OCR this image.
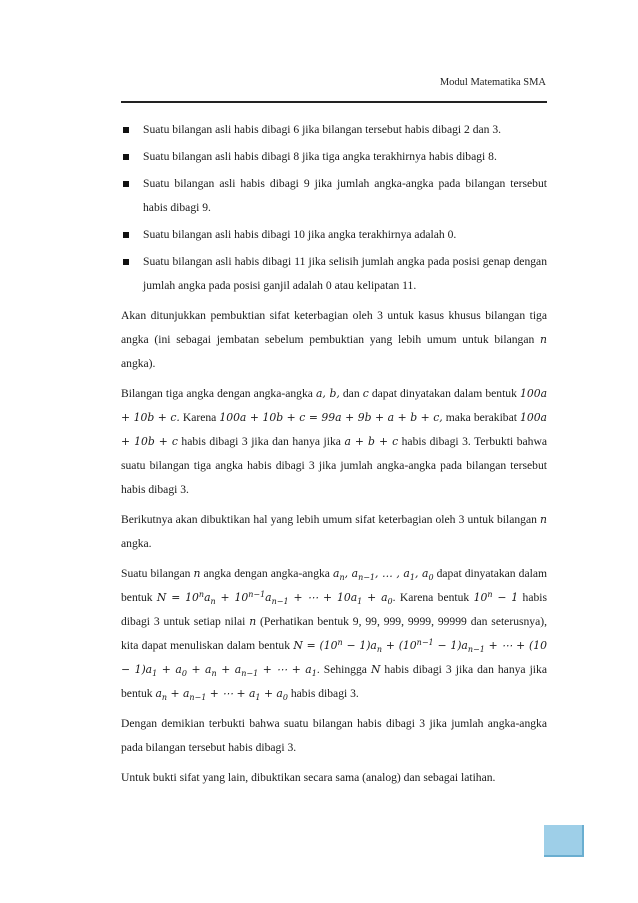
Modul Matematika SMA
Suatu bilangan asli habis dibagi 6 jika bilangan tersebut habis dibagi 2 dan 3.
Suatu bilangan asli habis dibagi 8 jika tiga angka terakhirnya habis dibagi 8.
Suatu bilangan asli habis dibagi 9 jika jumlah angka-angka pada bilangan tersebut habis dibagi 9.
Suatu bilangan asli habis dibagi 10 jika angka terakhirnya adalah 0.
Suatu bilangan asli habis dibagi 11 jika selisih jumlah angka pada posisi genap dengan jumlah angka pada posisi ganjil adalah 0 atau kelipatan 11.

Akan ditunjukkan pembuktian sifat keterbagian oleh 3 untuk kasus khusus bilangan tiga angka (ini sebagai jembatan sebelum pembuktian yang lebih umum untuk bilangan n angka).

Bilangan tiga angka dengan angka-angka a, b, dan c dapat dinyatakan dalam bentuk 100a + 10b + c. Karena 100a + 10b + c = 99a + 9b + a + b + c, maka berakibat 100a + 10b + c habis dibagi 3 jika dan hanya jika a + b + c habis dibagi 3. Terbukti bahwa suatu bilangan tiga angka habis dibagi 3 jika jumlah angka-angka pada bilangan tersebut habis dibagi 3.

Berikutnya akan dibuktikan hal yang lebih umum sifat keterbagian oleh 3 untuk bilangan n angka.

Suatu bilangan n angka dengan angka-angka $a_n$, $a_{n-1}$, … , $a_1$, $a_0$ dapat dinyatakan dalam bentuk $N = 10^na_n + 10^{n-1}a_{n-1}$ + ⋯ + $10a_1 + a_0$. Karena bentuk $10^n - 1$ habis dibagi 3 untuk setiap nilai n (Perhatikan bentuk 9, 99, 999, 9999, 99999 dan seterusnya), kita dapat menuliskan dalam bentuk $N = (10^n - 1)a_n + (10^{n-1} - 1)a_{n-1}$ + ⋯ + $(10 - 1)a_1 + a_0 + a_n + a_{n-1}$ + ⋯ + $a_1$. Sehingga N habis dibagi 3 jika dan hanya jika bentuk $a_n + a_{n-1}$ + ⋯ + $a_1 + a_0$ habis dibagi 3.

Dengan demikian terbukti bahwa suatu bilangan habis dibagi 3 jika jumlah angka-angka pada bilangan tersebut habis dibagi 3.

Untuk bukti sifat yang lain, dibuktikan secara sama (analog) dan sebagai latihan.
